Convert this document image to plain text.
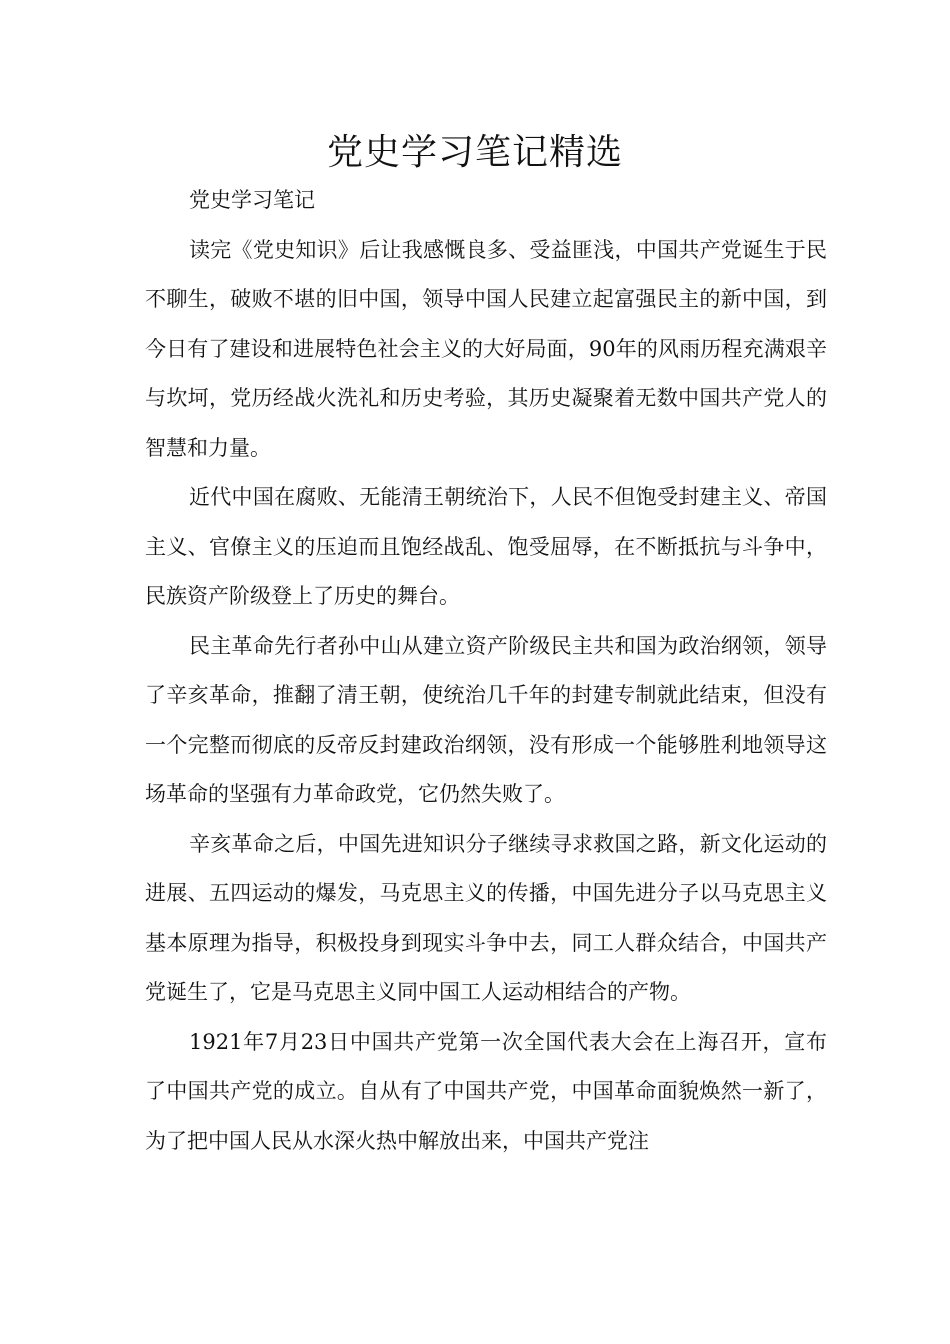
党史学习笔记精选

党史学习笔记

读完《党史知识》后让我感慨良多、受益匪浅，中国共产党诞生于民不聊生，破败不堪的旧中国，领导中国人民建立起富强民主的新中国，到今日有了建设和进展特色社会主义的大好局面，90年的风雨历程充满艰辛与坎坷，党历经战火洗礼和历史考验，其历史凝聚着无数中国共产党人的智慧和力量。

近代中国在腐败、无能清王朝统治下，人民不但饱受封建主义、帝国主义、官僚主义的压迫而且饱经战乱、饱受屈辱，在不断抵抗与斗争中，民族资产阶级登上了历史的舞台。

民主革命先行者孙中山从建立资产阶级民主共和国为政治纲领，领导了辛亥革命，推翻了清王朝，使统治几千年的封建专制就此结束，但没有一个完整而彻底的反帝反封建政治纲领，没有形成一个能够胜利地领导这场革命的坚强有力革命政党，它仍然失败了。

辛亥革命之后，中国先进知识分子继续寻求救国之路，新文化运动的进展、五四运动的爆发，马克思主义的传播，中国先进分子以马克思主义基本原理为指导，积极投身到现实斗争中去，同工人群众结合，中国共产党诞生了，它是马克思主义同中国工人运动相结合的产物。

1921年7月23日中国共产党第一次全国代表大会在上海召开，宣布了中国共产党的成立。自从有了中国共产党，中国革命面貌焕然一新了，为了把中国人民从水深火热中解放出来，中国共产党注
